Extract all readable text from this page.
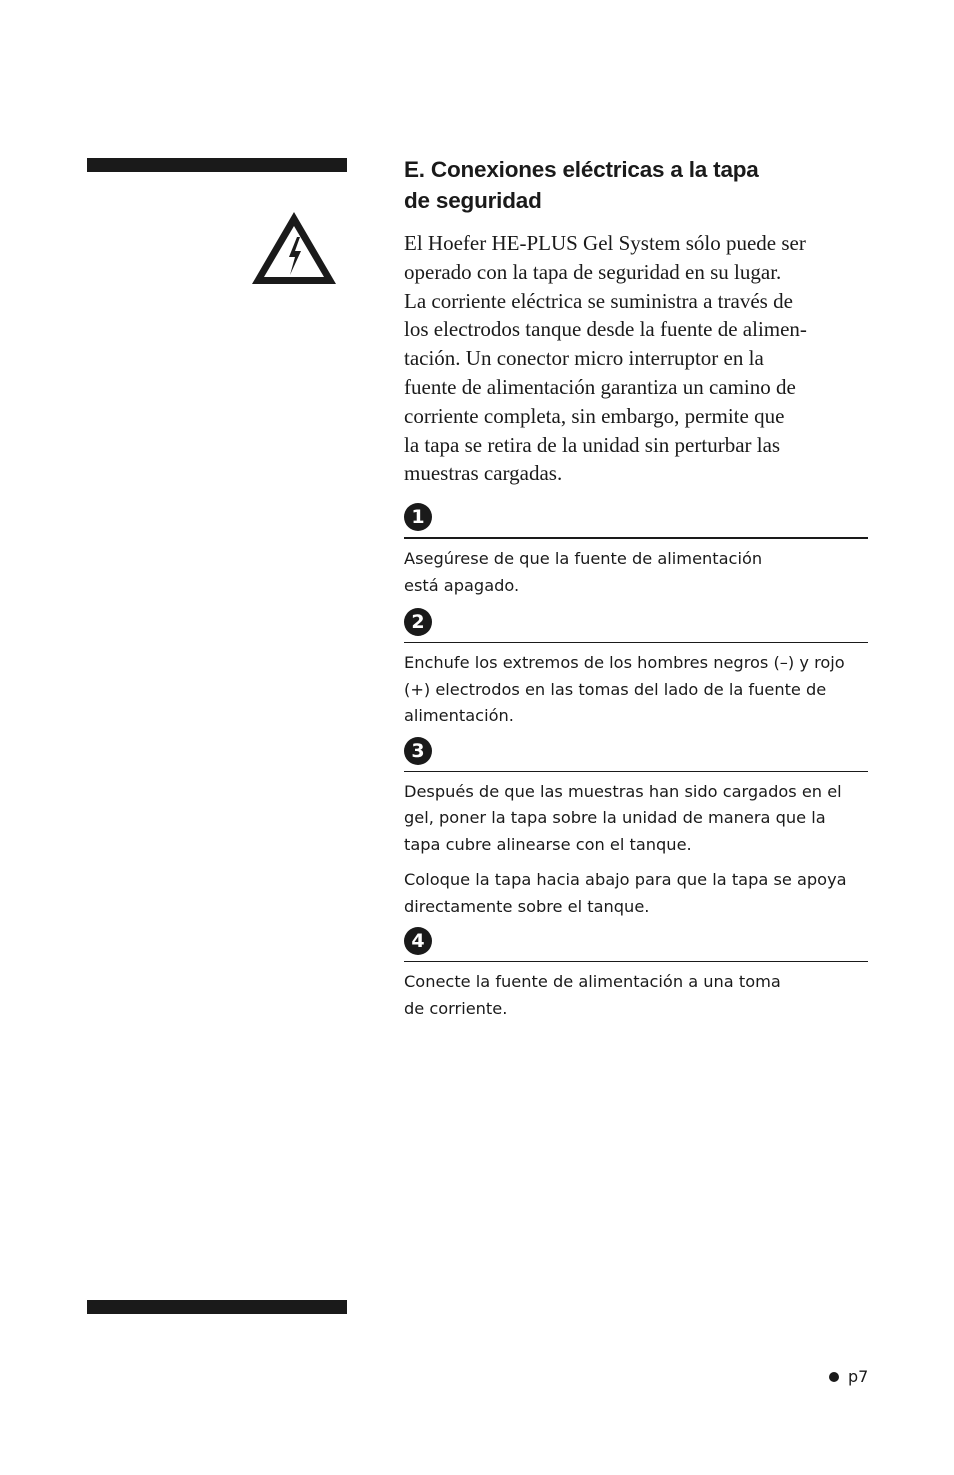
E. Conexiones eléctricas a la tapa
de seguridad

El Hoefer HE-PLUS Gel System sólo puede ser
operado con la tapa de seguridad en su lugar.
La corriente eléctrica se suministra a través de
los electrodos tanque desde la fuente de alimen-
tación. Un conector micro interruptor en la
fuente de alimentación garantiza un camino de
corriente completa, sin embargo, permite que
la tapa se retira de la unidad sin perturbar las
muestras cargadas.

1

Asegúrese de que la fuente de alimentación
está apagado.

2

Enchufe los extremos de los hombres negros (–) y rojo
(+) electrodos en las tomas del lado de la fuente de
alimentación.

3

Después de que las muestras han sido cargados en el
gel, poner la tapa sobre la unidad de manera que la
tapa cubre alinearse con el tanque.

Coloque la tapa hacia abajo para que la tapa se apoya
directamente sobre el tanque.

4

Conecte la fuente de alimentación a una toma
de corriente.

p7
